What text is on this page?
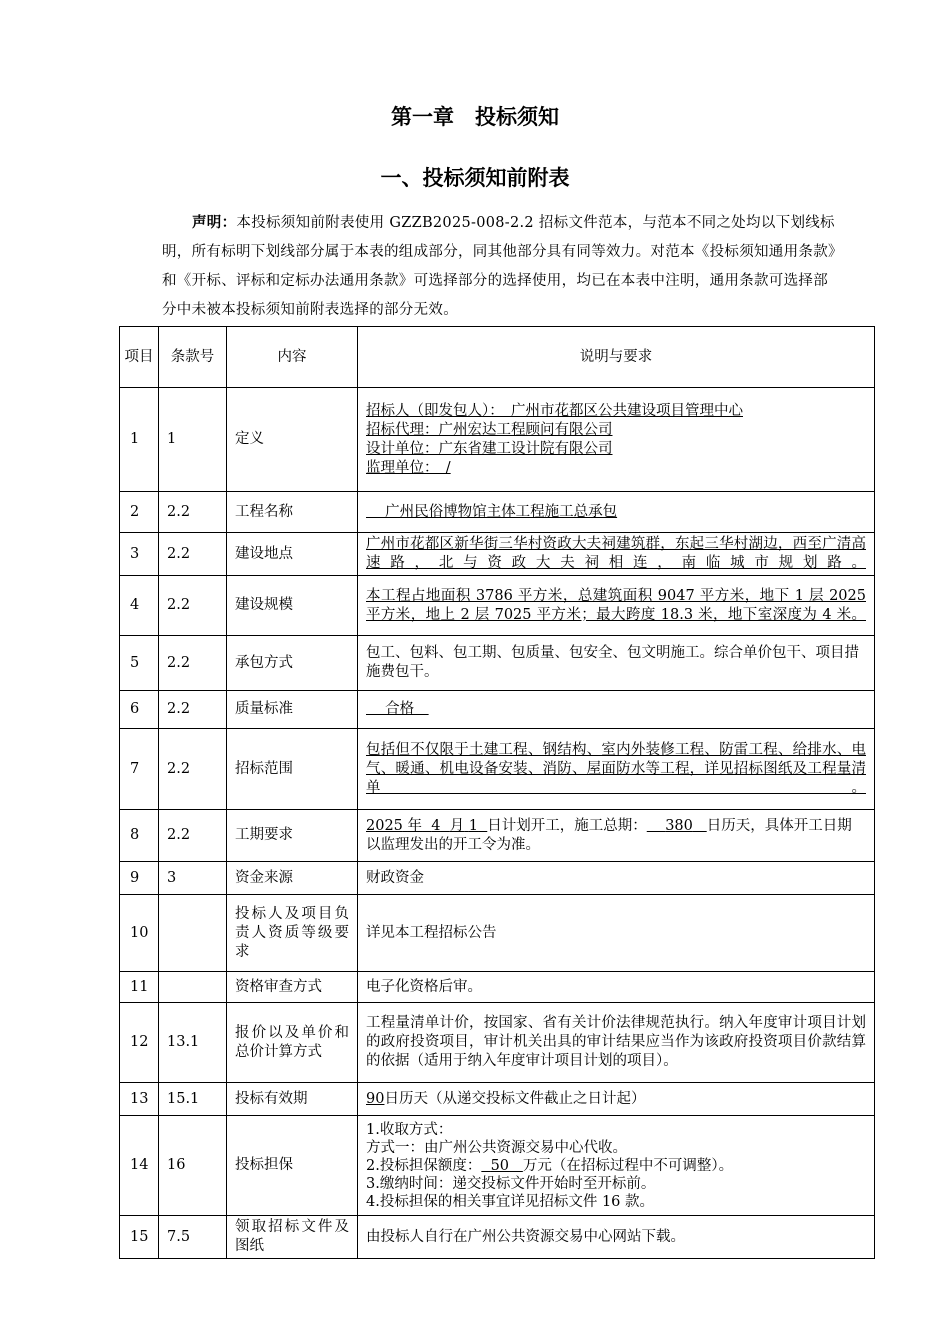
第一章　投标须知
一、投标须知前附表
声明：本投标须知前附表使用 GZZB2025-008-2.2 招标文件范本，与范本不同之处均以下划线标明，所有标明下划线部分属于本表的组成部分，同其他部分具有同等效力。对范本《投标须知通用条款》和《开标、评标和定标办法通用条款》可选择部分的选择使用，均已在本表中注明，通用条款可选择部分中未被本投标须知前附表选择的部分无效。
项目	条款号	内容	说明与要求
1	1	定义	招标人（即发包人）：　广州市花都区公共建设项目管理中心
招标代理：广州宏达工程顾问有限公司
设计单位：广东省建工设计院有限公司
监理单位：　/

2	2.2	工程名称	　 广州民俗博物馆主体工程施工总承包
3	2.2	建设地点	广州市花都区新华街三华村资政大夫祠建筑群，东起三华村湖边，西至广清高速路，北与资政大夫祠相连，南临城市规划路。
4	2.2	建设规模	本工程占地面积 3786 平方米，总建筑面积 9047 平方米，地下 1 层 2025 平方米，地上 2 层 7025 平方米；最大跨度 18.3 米，地下室深度为 4 米。
5	2.2	承包方式	包工、包料、包工期、包质量、包安全、包文明施工。综合单价包干、项目措施费包干。
6	2.2	质量标准	　 合格　
7	2.2	招标范围	包括但不仅限于土建工程、钢结构、室内外装修工程、防雷工程、给排水、电气、暖通、机电设备安装、消防、屋面防水等工程，详见招标图纸及工程量清单。
8	2.2	工期要求	2025 年 4 月 1 日计划开工，施工总期： 380 日历天，具体开工日期以监理发出的开工令为准。
9	3	资金来源	财政资金
10		投标人及项目负责人资质等级要求	详见本工程招标公告
11		资格审查方式	电子化资格后审。
12	13.1	报价以及单价和总价计算方式	工程量清单计价，按国家、省有关计价法律规范执行。纳入年度审计项目计划的政府投资项目，审计机关出具的审计结果应当作为该政府投资项目价款结算的依据（适用于纳入年度审计项目计划的项目）。
13	15.1	投标有效期	90日历天（从递交投标文件截止之日计起）
14	16	投标担保	1.收取方式：
方式一：由广州公共资源交易中心代收。
2.投标担保额度： 50 万元（在招标过程中不可调整）。
3.缴纳时间：递交投标文件开始时至开标前。
4.投标担保的相关事宜详见招标文件 16 款。

15	7.5	领取招标文件及图纸	由投标人自行在广州公共资源交易中心网站下载。
